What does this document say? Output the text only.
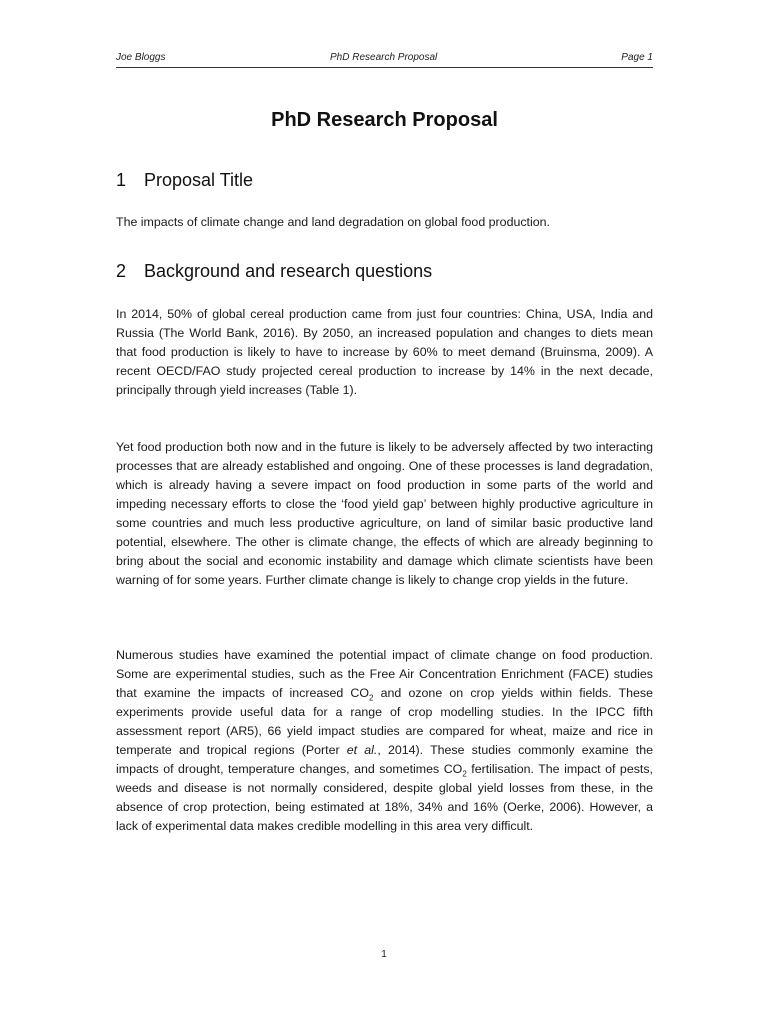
Joe Bloggs	PhD Research Proposal	Page 1
PhD Research Proposal
1 Proposal Title
The impacts of climate change and land degradation on global food production.
2 Background and research questions
In 2014, 50% of global cereal production came from just four countries: China, USA, India and Russia (The World Bank, 2016). By 2050, an increased population and changes to diets mean that food production is likely to have to increase by 60% to meet demand (Bruinsma, 2009). A recent OECD/FAO study projected cereal production to increase by 14% in the next decade, principally through yield increases (Table 1).
Yet food production both now and in the future is likely to be adversely affected by two interacting processes that are already established and ongoing. One of these processes is land degradation, which is already having a severe impact on food production in some parts of the world and impeding necessary efforts to close the ‘food yield gap’ between highly productive agriculture in some countries and much less productive agriculture, on land of similar basic productive land potential, elsewhere. The other is climate change, the effects of which are already beginning to bring about the social and economic instability and damage which climate scientists have been warning of for some years. Further climate change is likely to change crop yields in the future.
Numerous studies have examined the potential impact of climate change on food production. Some are experimental studies, such as the Free Air Concentration Enrichment (FACE) studies that examine the impacts of increased $CO_2$ and ozone on crop yields within fields. These experiments provide useful data for a range of crop modelling studies. In the IPCC fifth assessment report (AR5), 66 yield impact studies are compared for wheat, maize and rice in temperate and tropical regions (Porter et al., 2014). These studies commonly examine the impacts of drought, temperature changes, and sometimes $CO_2$ fertilisation. The impact of pests, weeds and disease is not normally considered, despite global yield losses from these, in the absence of crop protection, being estimated at 18%, 34% and 16% (Oerke, 2006). However, a lack of experimental data makes credible modelling in this area very difficult.
1
